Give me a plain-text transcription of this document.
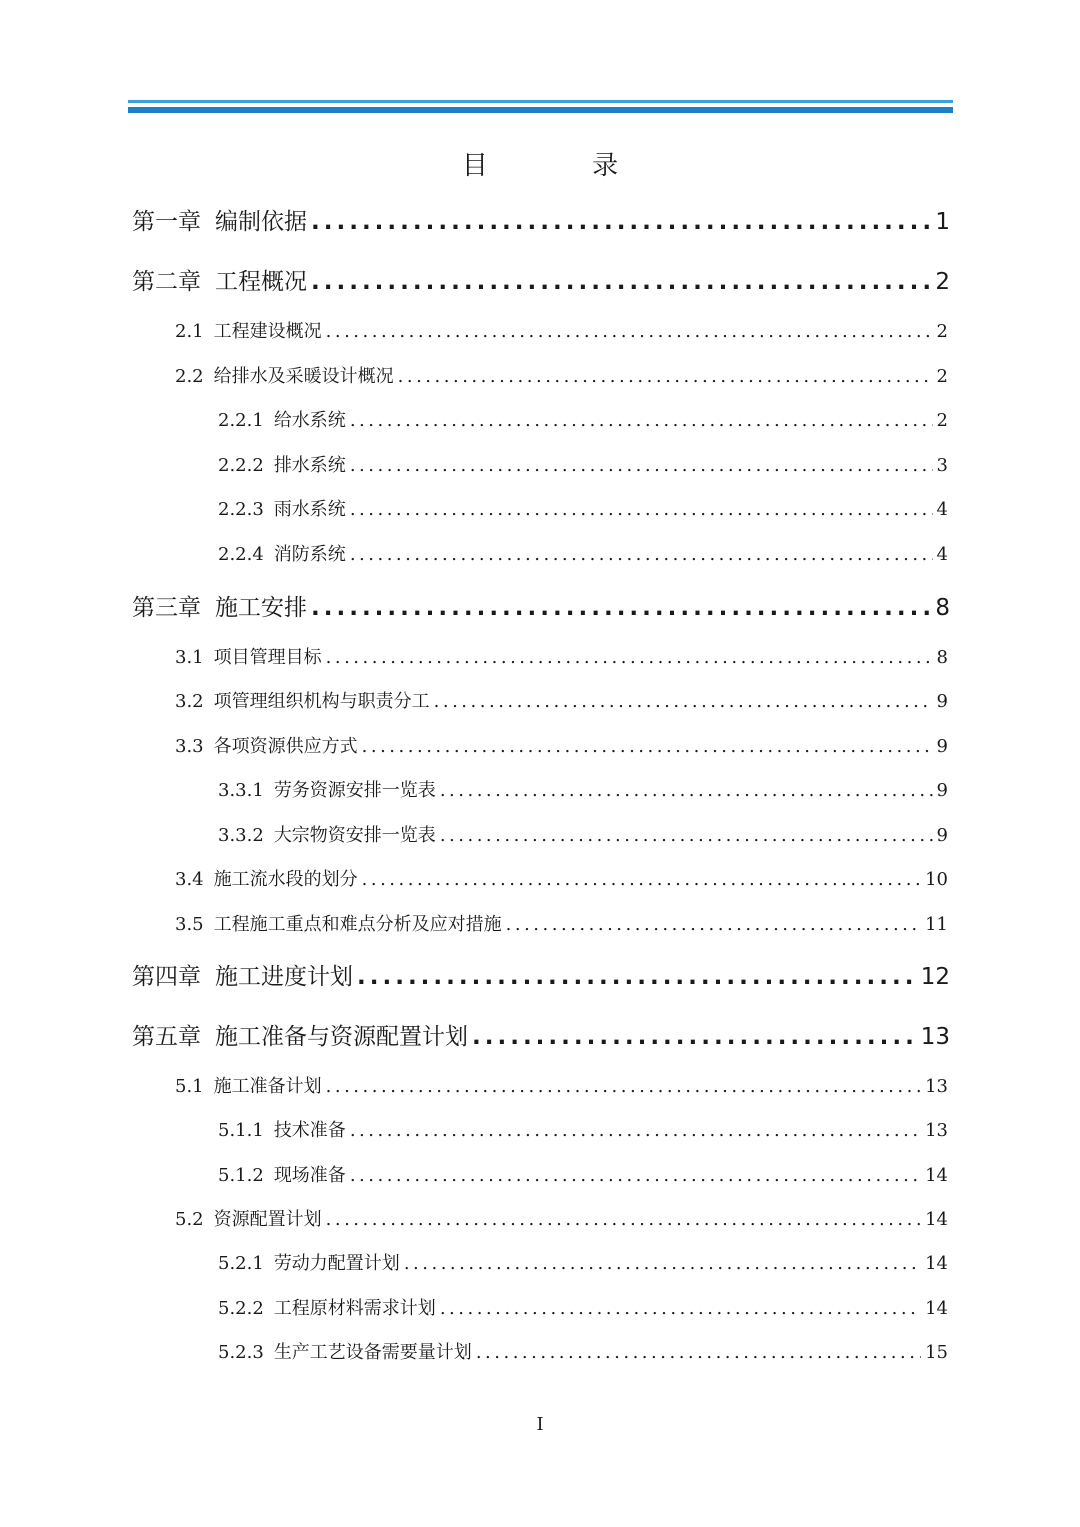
目 录
第一章 编制依据 .....	1
第二章 工程概况 .....	2
2.1 工程建设概况 .....	2
2.2 给排水及采暖设计概况 .....	2
2.2.1 给水系统 .....	2
2.2.2 排水系统 .....	3
2.2.3 雨水系统 .....	4
2.2.4 消防系统 .....	4
第三章 施工安排 .....	8
3.1 项目管理目标 .....	8
3.2 项管理组织机构与职责分工 .....	9
3.3 各项资源供应方式 .....	9
3.3.1 劳务资源安排一览表 .....	9
3.3.2 大宗物资安排一览表 .....	9
3.4 施工流水段的划分 .....	10
3.5 工程施工重点和难点分析及应对措施 .....	11
第四章 施工进度计划 .....	12
第五章 施工准备与资源配置计划 .....	13
5.1 施工准备计划 .....	13
5.1.1 技术准备 .....	13
5.1.2 现场准备 .....	14
5.2 资源配置计划 .....	14
5.2.1 劳动力配置计划 .....	14
5.2.2 工程原材料需求计划 .....	14
5.2.3 生产工艺设备需要量计划 .....	15
I
